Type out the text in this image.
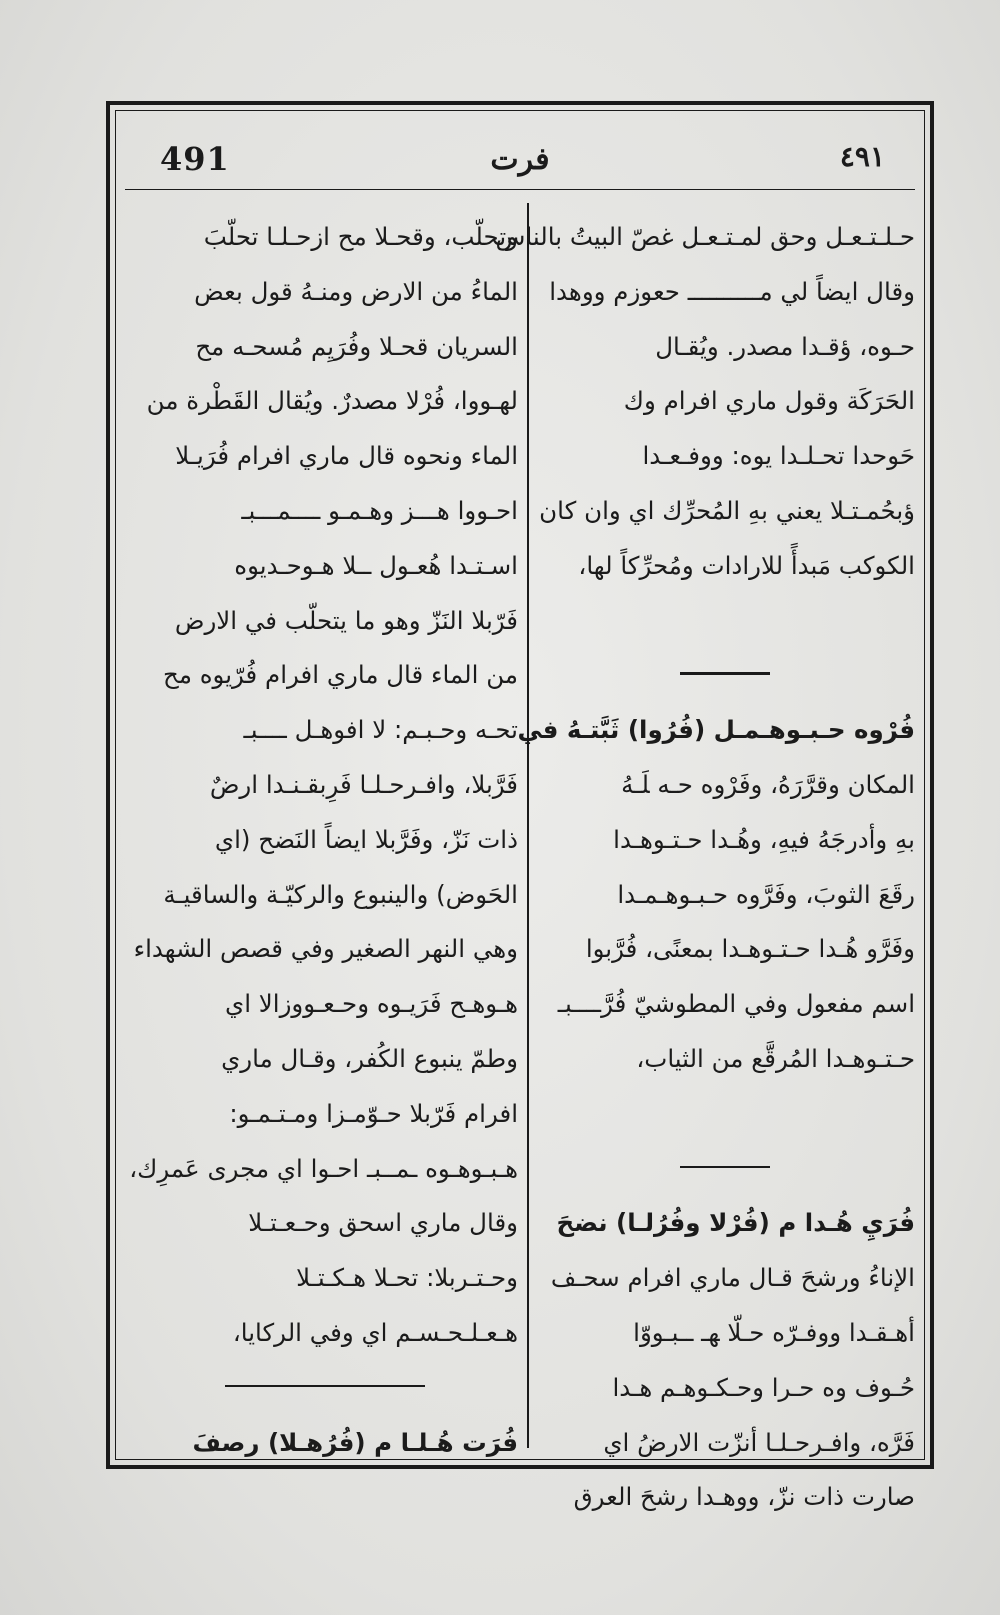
491	فرت	٤٩١
حـلـتـعـل وحق لمـتـعـل غصّ البيتُ بالناس
وقال ايضاً لي مـ‍ـ‍ـ‍ـ‍ـ‍ـ‍ـ‍ـ‍ـ‍ـ حعوزم ووهدا
حـوه، ؤقـدا مصدر. ويُقـال
الحَرَكَة وقول ماري افرام وك
حَوحدا تحـلـدا يوه: ووفـعـدا
ؤبحُمـتـلا يعني بهِ المُحرِّك اي وان كان
الكوكب مَبدأً للارادات ومُحرِّكاً لها،
فُرْوه حـبـوه‍ـمـل (فُرُوا) ثَبَّتـهُ في
المكان وقرَّرَهُ، وفَرْوه حـه ‍لَـهُ
بهِ وأدرجَهُ فيهِ، وهُـدا حـتـوهـدا
رقَعَ الثوبَ، وفَرَّوه حـبـوه‍ـمـدا
وفَرَّو هُـدا حـتـوهـدا بمعنًى، فُرَّبوا
اسم مفعول وفي المطوشيّ فُرَّ‍ـ‍ـ‍ـ‍ـبـ
حـتـوهـدا المُرقَّع من الثياب،
فُرَيِ هُـدا م (فُرْلا وفُرُلـا) نضحَ
الإناءُ ورشحَ قـال ماري افرام سحـف
أهـقـدا ووفـرّه حـلّا ‍هـ ‍ـ‍ـبـووّا
حُـوف وه حـرا وحـكـوه‍ـم هـدا
فَرَّه، وافـرحـلـا أنزّت الارضُ اي
صارت ذات نزّ، ووهـدا رشحَ العرق
وتحلّب، وقحـلا مح ازحـلـا تحلّبَ
الماءُ من الارض ومنـهُ قول بعض
السريان قحـلا وفُرَيِم مُسحـه مح
لهـووا، فُرْلا مصدرٌ. ويُقال القَطْرة من
الماء ونحوه قال ماري افرام فُرَيـلا
احـووا هـ‍ـ‍ـز وهـمـو ‍ـ‍ـ‍ـ‍ـمـ‍ـ‍ـبـ
اسـتـدا هُعـول ‍ـ‍ـلا هـوحـديوه
فَرّبلا النَزّ وهو ما يتحلّب في الارض
من الماء قال ماري افرام فُرّيوه مح
تحـه وحـبـم: لا افوه‍ـل ‍ـ‍ـ‍ـ‍ـبـ
فَرَّبلا، وافـرحـلـا فَرِبقـنـدا ارضٌ
ذات نَزّ، وفَرَّبلا ايضاً النَضح (اي
الحَوض) والينبوع والركيّـة والساقيـة
وهي النهر الصغير وفي قصص الشهداء
ه‍ـوهـح فَرَيـوه وحـعـووزالا اي
وطمّ ينبوع الكُفر، وقـال ماري
افرام فَرّبلا حـوّمـزا ومـتـمـو:
هـبـوه‍ـوه ‍ـمـ‍ـبـ احـوا اي مجرى عَمرِك،
وقال ماري اسحق وحـعـتـلا
وحـتـربلا: تحـلا ه‍ـكـتـلا
هـعـلـحـسـم اي وفي الركايا،
فُرَت هُـلـا م (فُرُهـلا) رصفَ
